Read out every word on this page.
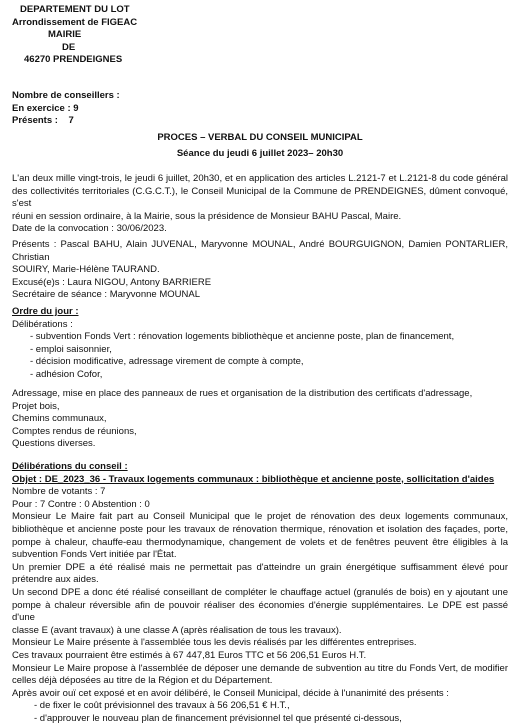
DEPARTEMENT DU LOT
Arrondissement de FIGEAC
MAIRIE
DE
46270 PRENDEIGNES
Nombre de conseillers :
En exercice : 9
Présents :    7
PROCES – VERBAL DU CONSEIL MUNICIPAL
Séance du jeudi 6 juillet 2023– 20h30
L'an deux mille vingt-trois, le jeudi 6 juillet, 20h30, et en application des articles L.2121-7 et L.2121-8 du code général
des collectivités territoriales (C.G.C.T.), le Conseil Municipal de la Commune de PRENDEIGNES, dûment convoqué, s'est
réuni en session ordinaire, à la Mairie, sous la présidence de Monsieur BAHU Pascal, Maire.
Date de la convocation : 30/06/2023.
Présents : Pascal BAHU, Alain JUVENAL, Maryvonne MOUNAL, André BOURGUIGNON, Damien PONTARLIER, Christian
SOUIRY, Marie-Hélène TAURAND.
Excusé(e)s : Laura NIGOU, Antony BARRIERE
Secrétaire de séance : Maryvonne MOUNAL
Ordre du jour :
Délibérations :
- subvention Fonds Vert : rénovation logements bibliothèque et ancienne poste, plan de financement,
- emploi saisonnier,
- décision modificative, adressage virement de compte à compte,
- adhésion Cofor,
Adressage, mise en place des panneaux de rues et organisation de la distribution des certificats d'adressage,
Projet bois,
Chemins communaux,
Comptes rendus de réunions,
Questions diverses.
Délibérations du conseil :
Objet : DE_2023_36 - Travaux logements communaux : bibliothèque et ancienne poste, sollicitation d'aides
Nombre de votants : 7
Pour : 7 Contre : 0 Abstention : 0
Monsieur Le Maire fait part au Conseil Municipal que le projet de rénovation des deux logements communaux,
bibliothèque et ancienne poste pour les travaux de rénovation thermique, rénovation et isolation des façades, porte,
pompe à chaleur, chauffe-eau thermodynamique, changement de volets et de fenêtres peuvent être éligibles à la
subvention Fonds Vert initiée par l'État.
Un premier DPE a été réalisé mais ne permettait pas d'atteindre un grain énergétique suffisamment élevé pour
prétendre aux aides.
Un second DPE a donc été réalisé conseillant de compléter le chauffage actuel (granulés de bois) en y ajoutant une
pompe à chaleur réversible afin de pouvoir réaliser des économies d'énergie supplémentaires. Le DPE est passé d'une
classe E (avant travaux) à une classe A (après réalisation de tous les travaux).
Monsieur Le Maire présente à l'assemblée tous les devis réalisés par les différentes entreprises.
Ces travaux pourraient être estimés à 67 447,81 Euros TTC et 56 206,51 Euros H.T.
Monsieur Le Maire propose à l'assemblée de déposer une demande de subvention au titre du Fonds Vert, de modifier
celles déjà déposées au titre de la Région et du Département.
Après avoir ouï cet exposé et en avoir délibéré, le Conseil Municipal, décide à l'unanimité des présents :
- de fixer le coût prévisionnel des travaux à 56 206,51 € H.T.,
- d'approuver le nouveau plan de financement prévisionnel tel que présenté ci-dessous,
